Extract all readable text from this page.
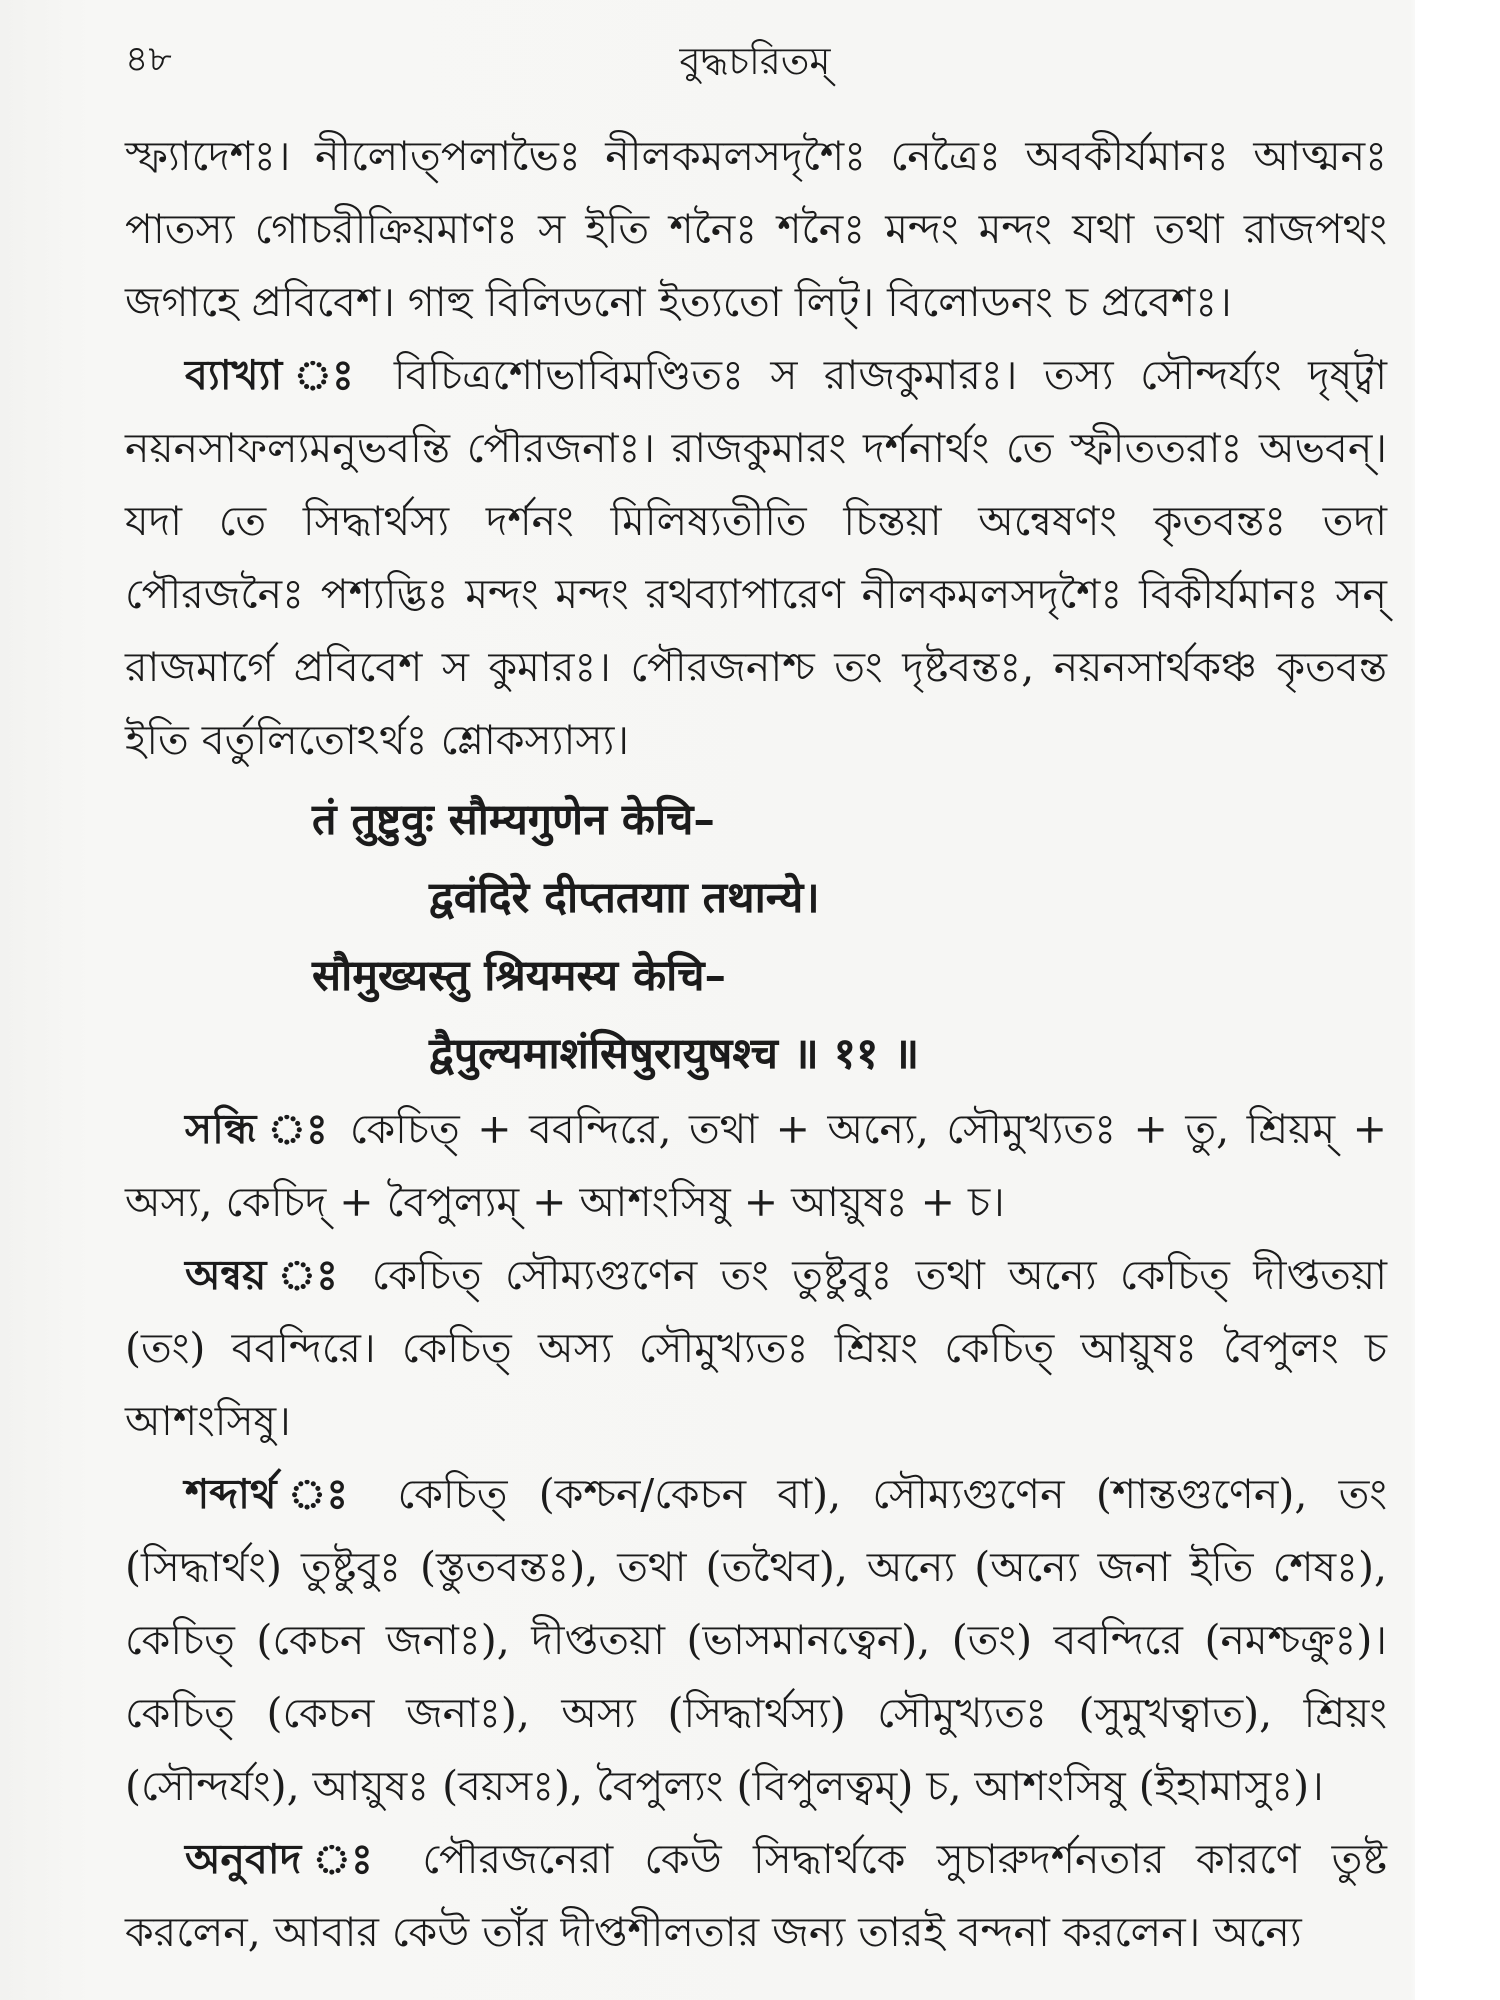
বুদ্ধচরিতম্
৪৮

স্ফ্যাদেশঃ। নীলোত্পলাভৈঃ নীলকমলসদৃশৈঃ নেত্রৈঃ অবকীর্যমানঃ আত্মনঃ পাতস্য গোচরীক্রিয়মাণঃ স ইতি শনৈঃ শনৈঃ মন্দং মন্দং যথা তথা রাজপথং জগাহে প্রবিবেশ। গাহু বিলিডনো ইত্যতো লিট্। বিলোডনং চ প্রবেশঃ।

ব্যাখ্যা ঃ বিচিত্রশোভাবিমণ্ডিতঃ স রাজকুমারঃ। তস্য সৌন্দর্য্যং দৃষ্ট্বা নয়নসাফল্যমনুভবন্তি পৌরজনাঃ। রাজকুমারং দর্শনার্থং তে স্ফীততরাঃ অভবন্। যদা তে সিদ্ধার্থস্য দর্শনং মিলিষ্যতীতি চিন্তয়া অন্বেষণং কৃতবন্তঃ তদা পৌরজনৈঃ পশ্যদ্ভিঃ মন্দং মন্দং রথব্যাপারেণ নীলকমলসদৃশৈঃ বিকীর্যমানঃ সন্ রাজমার্গে প্রবিবেশ স কুমারঃ। পৌরজনাশ্চ তং দৃষ্টবন্তঃ, নয়নসার্থকঞ্চ কৃতবন্ত ইতি বর্তুলিতোঽর্থঃ শ্লোকস্যাস্য।

तं तुष्टुवुः सौम्यगुणेन केचि–

द्ववंदिरे दीप्ततयाा तथान्ये।

सौमुख्यस्तु श्रियमस्य केचि–

द्वैपुल्यमाशंसिषुरायुषश्च ॥ ११ ॥

সন্ধি ঃ কেচিত্ + ববন্দিরে, তথা + অন্যে, সৌমুখ্যতঃ + তু, শ্রিয়ম্ + অস্য, কেচিদ্ + বৈপুল্যম্ + আশংসিষু + আয়ুষঃ + চ।

অন্বয় ঃ কেচিত্ সৌম্যগুণেন তং তুষ্টুবুঃ তথা অন্যে কেচিত্ দীপ্ততয়া (তং) ববন্দিরে। কেচিত্ অস্য সৌমুখ্যতঃ শ্রিয়ং কেচিত্ আয়ুষঃ বৈপুলং চ আশংসিষু।

শব্দার্থ ঃ কেচিত্ (কশ্চন/কেচন বা), সৌম্যগুণেন (শান্তগুণেন), তং (সিদ্ধার্থং) তুষ্টুবুঃ (স্তুতবন্তঃ), তথা (তথৈব), অন্যে (অন্যে জনা ইতি শেষঃ), কেচিত্ (কেচন জনাঃ), দীপ্ততয়া (ভাসমানত্বেন), (তং) ববন্দিরে (নমশ্চক্রুঃ)। কেচিত্ (কেচন জনাঃ), অস্য (সিদ্ধার্থস্য) সৌমুখ্যতঃ (সুমুখত্বাত), শ্রিয়ং (সৌন্দর্যং), আয়ুষঃ (বয়সঃ), বৈপুল্যং (বিপুলত্বম্) চ, আশংসিষু (ইহামাসুঃ)।

অনুবাদ ঃ পৌরজনেরা কেউ সিদ্ধার্থকে সুচারুদর্শনতার কারণে তুষ্ট করলেন, আবার কেউ তাঁর দীপ্তশীলতার জন্য তারই বন্দনা করলেন। অন্যে
